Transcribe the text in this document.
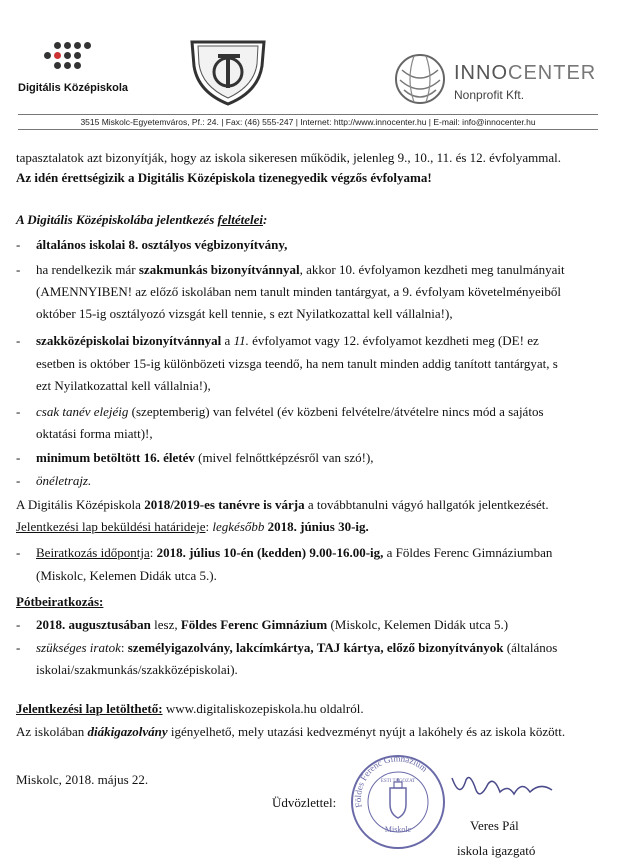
Digitális Középiskola
INNOCENTER
Nonprofit Kft.
3515 Miskolc-Egyetemváros, Pf.: 24. | Fax: (46) 555-247 | Internet: http://www.innocenter.hu | E-mail: info@innocenter.hu
tapasztalatok azt bizonyítják, hogy az iskola sikeresen működik, jelenleg 9., 10., 11. és 12. évfolyammal.
Az idén érettségizik a Digitális Középiskola tizenegyedik végzős évfolyama!
A Digitális Középiskolába jelentkezés feltételei:
- általános iskolai 8. osztályos végbizonyítvány,
- ha rendelkezik már szakmunkás bizonyítvánnyal, akkor 10. évfolyamon kezdheti meg tanulmányait
(AMENNYIBEN! az előző iskolában nem tanult minden tantárgyat, a 9. évfolyam követelményeiből
október 15-ig osztályozó vizsgát kell tennie, s ezt Nyilatkozattal kell vállalnia!),
- szakközépiskolai bizonyítvánnyal a 11. évfolyamot vagy 12. évfolyamot kezdheti meg (DE! ez
esetben is október 15-ig különbözeti vizsga teendő, ha nem tanult minden addig tanított tantárgyat, s
ezt Nyilatkozattal kell vállalnia!),
- csak tanév elejéig (szeptemberig) van felvétel (év közbeni felvételre/átvételre nincs mód a sajátos
oktatási forma miatt)!,
- minimum betöltött 16. életév (mivel felnőttképzésről van szó!),
- önéletrajz.
A Digitális Középiskola 2018/2019-es tanévre is várja a továbbtanulni vágyó hallgatók jelentkezését.
Jelentkezési lap beküldési határideje: legkésőbb 2018. június 30-ig.
- Beiratkozás időpontja: 2018. július 10-én (kedden) 9.00-16.00-ig, a Földes Ferenc Gimnáziumban
(Miskolc, Kelemen Didák utca 5.).
Pótbeiratkozás:
- 2018. augusztusában lesz, Földes Ferenc Gimnázium (Miskolc, Kelemen Didák utca 5.)
- szükséges iratok: személyigazolvány, lakcímkártya, TAJ kártya, előző bizonyítványok (általános
iskolai/szakmunkás/szakközépiskolai).
Jelentkezési lap letölthető: www.digitaliskozepiskola.hu oldalról.
Az iskolában diákigazolvány igényelhető, mely utazási kedvezményt nyújt a lakóhely és az iskola között.
Miskolc, 2018. május 22.
Üdvözlettel: Földes Ferenc Gimnázium
Miskolc
ESTI TAGOZAT
Veres Pál
iskola igazgató
